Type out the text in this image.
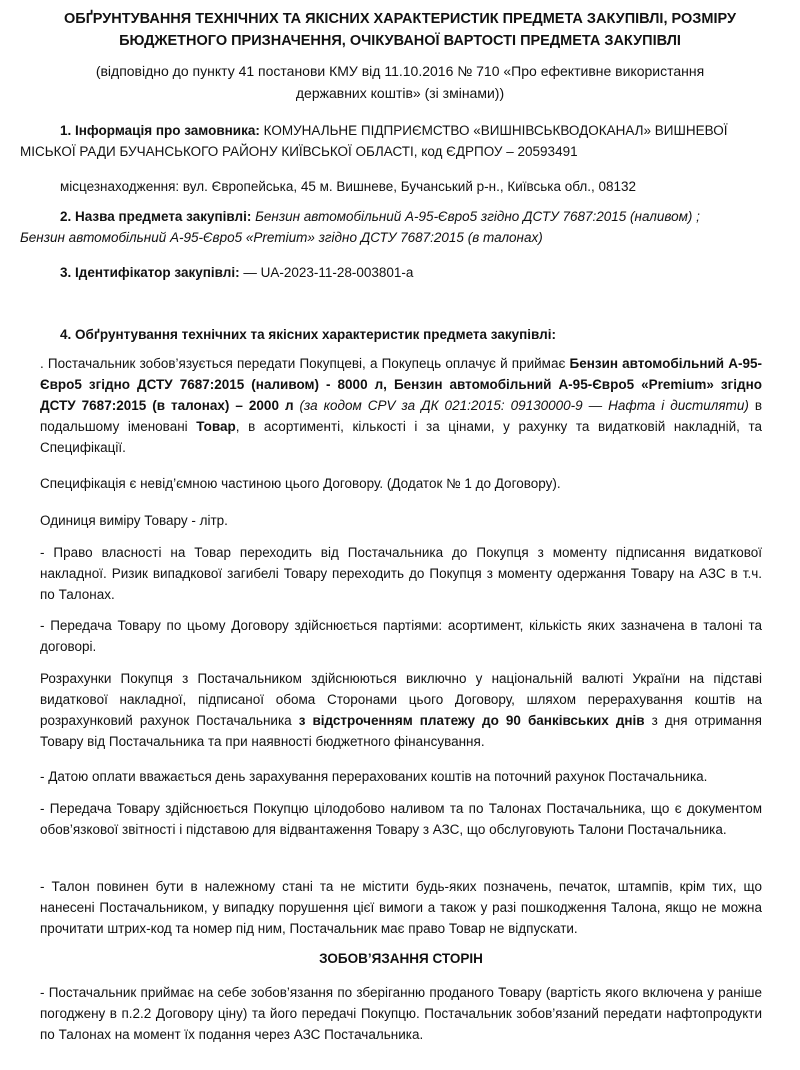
ОБҐРУНТУВАННЯ ТЕХНІЧНИХ ТА ЯКІСНИХ ХАРАКТЕРИСТИК ПРЕДМЕТА ЗАКУПІВЛІ, РОЗМІРУ
БЮДЖЕТНОГО ПРИЗНАЧЕННЯ, ОЧІКУВАНОЇ ВАРТОСТІ ПРЕДМЕТА ЗАКУПІВЛІ
(відповідно до пункту 41 постанови КМУ від 11.10.2016 № 710 «Про ефективне використання
державних коштів» (зі змінами))
1. Інформація про замовника: КОМУНАЛЬНЕ ПІДПРИЄМСТВО «ВИШНІВСЬКВОДОКАНАЛ» ВИШНЕВОЇ
МІСЬКОЇ РАДИ БУЧАНСЬКОГО РАЙОНУ КИЇВСЬКОЇ ОБЛАСТІ, код ЄДРПОУ – 20593491
місцезнаходження: вул. Європейська, 45 м. Вишневе, Бучанський р-н., Київська обл., 08132
2. Назва предмета закупівлі: Бензин автомобільний А-95-Євро5 згідно ДСТУ 7687:2015 (наливом) ;
Бензин автомобільний А-95-Євро5 «Premium» згідно ДСТУ 7687:2015 (в талонах)
3. Ідентифікатор закупівлі: — UA-2023-11-28-003801-a
4. Обґрунтування технічних та якісних характеристик предмета закупівлі:
. Постачальник зобов’язується передати Покупцеві, а Покупець оплачує й приймає Бензин автомобільний А-95-Євро5 згідно ДСТУ 7687:2015 (наливом) - 8000 л, Бензин автомобільний А-95-Євро5 «Premium» згідно ДСТУ 7687:2015 (в талонах) – 2000 л (за кодом CPV за ДК 021:2015: 09130000-9 — Нафта і дистиляти) в подальшому іменовані Товар, в асортименті, кількості і за цінами, у рахунку та видатковій накладній, та Специфікації.
Специфікація є невід’ємною частиною цього Договору. (Додаток № 1 до Договору).
Одиниця виміру Товару - літр.
- Право власності на Товар переходить від Постачальника до Покупця з моменту підписання видаткової накладної. Ризик випадкової загибелі Товару переходить до Покупця з моменту одержання Товару на АЗС в т.ч. по Талонах.
- Передача Товару по цьому Договору здійснюється партіями: асортимент, кількість яких зазначена в талоні та договорі.
Розрахунки Покупця з Постачальником здійснюються виключно у національній валюті України на підставі видаткової накладної, підписаної обома Сторонами цього Договору, шляхом перерахування коштів на розрахунковий рахунок Постачальника з відстроченням платежу до 90 банківських днів з дня отримання Товару від Постачальника та при наявності бюджетного фінансування.
- Датою оплати вважається день зарахування перерахованих коштів на поточний рахунок Постачальника.
- Передача Товару здійснюється Покупцю цілодобово наливом та по Талонах Постачальника, що є документом обов’язкової звітності і підставою для відвантаження Товару з АЗС, що обслуговують Талони Постачальника.
- Талон повинен бути в належному стані та не містити будь-яких позначень, печаток, штампів, крім тих, що нанесені Постачальником, у випадку порушення цієї вимоги а також у разі пошкодження Талона, якщо не можна прочитати штрих-код та номер під ним, Постачальник має право Товар не відпускати.
ЗОБОВ’ЯЗАННЯ СТОРІН
- Постачальник приймає на себе зобов’язання по зберіганню проданого Товару (вартість якого включена у раніше погоджену в п.2.2 Договору ціну) та його передачі Покупцю. Постачальник зобов’язаний передати нафтопродукти по Талонах на момент їх подання через АЗС Постачальника.
